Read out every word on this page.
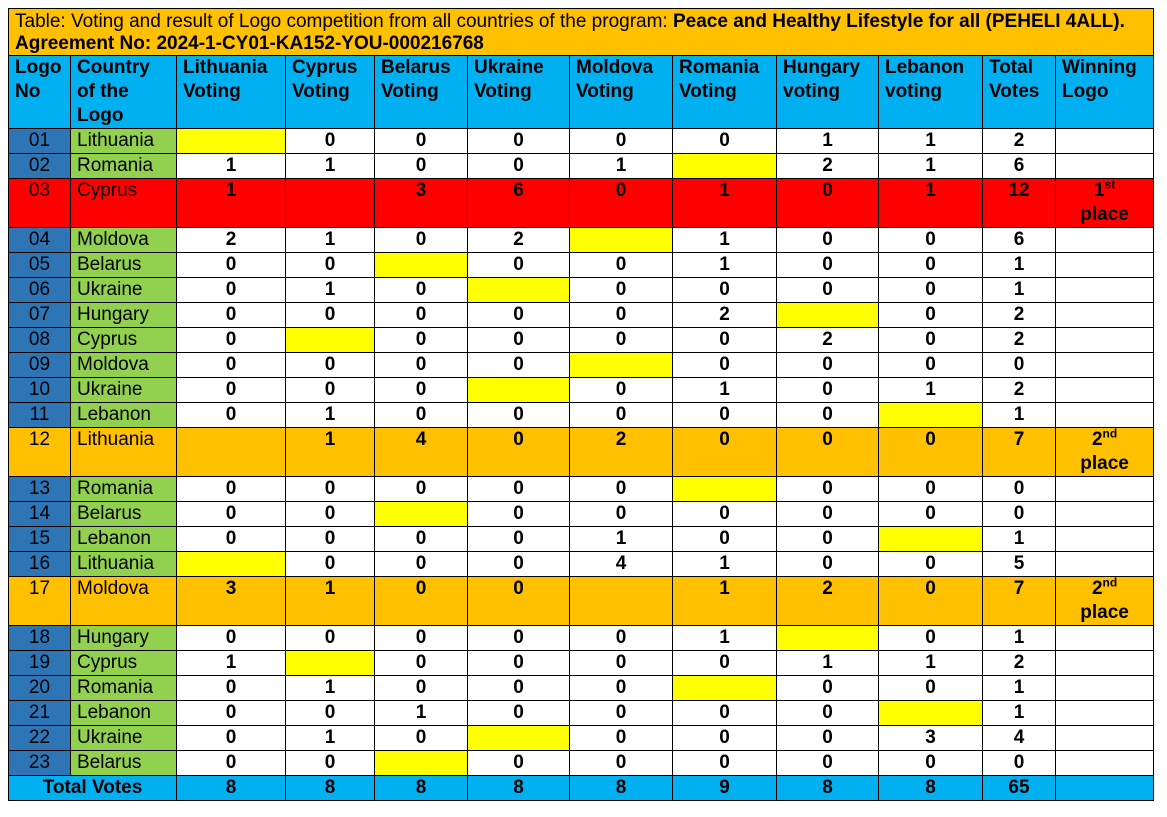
Table: Voting and result of Logo competition from all countries of the program: Peace and Healthy Lifestyle for all (PEHELI 4ALL). Agreement No: 2024-1-CY01-KA152-YOU-000216768											
Logo No	Country of the Logo	Lithuania Voting	Cyprus Voting	Belarus Voting	Ukraine Voting	Moldova Voting	Romania Voting	Hungary voting	Lebanon voting	Total Votes	Winning Logo
01	Lithuania		0	0	0	0	0	1	1	2	
02	Romania	1	1	0	0	1		2	1	6	
03	Cyprus	1		3	6	0	1	0	1	12	1st
place
04	Moldova	2	1	0	2		1	0	0	6	
05	Belarus	0	0		0	0	1	0	0	1	
06	Ukraine	0	1	0		0	0	0	0	1	
07	Hungary	0	0	0	0	0	2		0	2	
08	Cyprus	0		0	0	0	0	2	0	2	
09	Moldova	0	0	0	0		0	0	0	0	
10	Ukraine	0	0	0		0	1	0	1	2	
11	Lebanon	0	1	0	0	0	0	0		1	
12	Lithuania		1	4	0	2	0	0	0	7	2nd
place
13	Romania	0	0	0	0	0		0	0	0	
14	Belarus	0	0		0	0	0	0	0	0	
15	Lebanon	0	0	0	0	1	0	0		1	
16	Lithuania		0	0	0	4	1	0	0	5	
17	Moldova	3	1	0	0		1	2	0	7	2nd
place
18	Hungary	0	0	0	0	0	1		0	1	
19	Cyprus	1		0	0	0	0	1	1	2	
20	Romania	0	1	0	0	0		0	0	1	
21	Lebanon	0	0	1	0	0	0	0		1	
22	Ukraine	0	1	0		0	0	0	3	4	
23	Belarus	0	0		0	0	0	0	0	0	
Total Votes		8	8	8	8	8	9	8	8	65	
